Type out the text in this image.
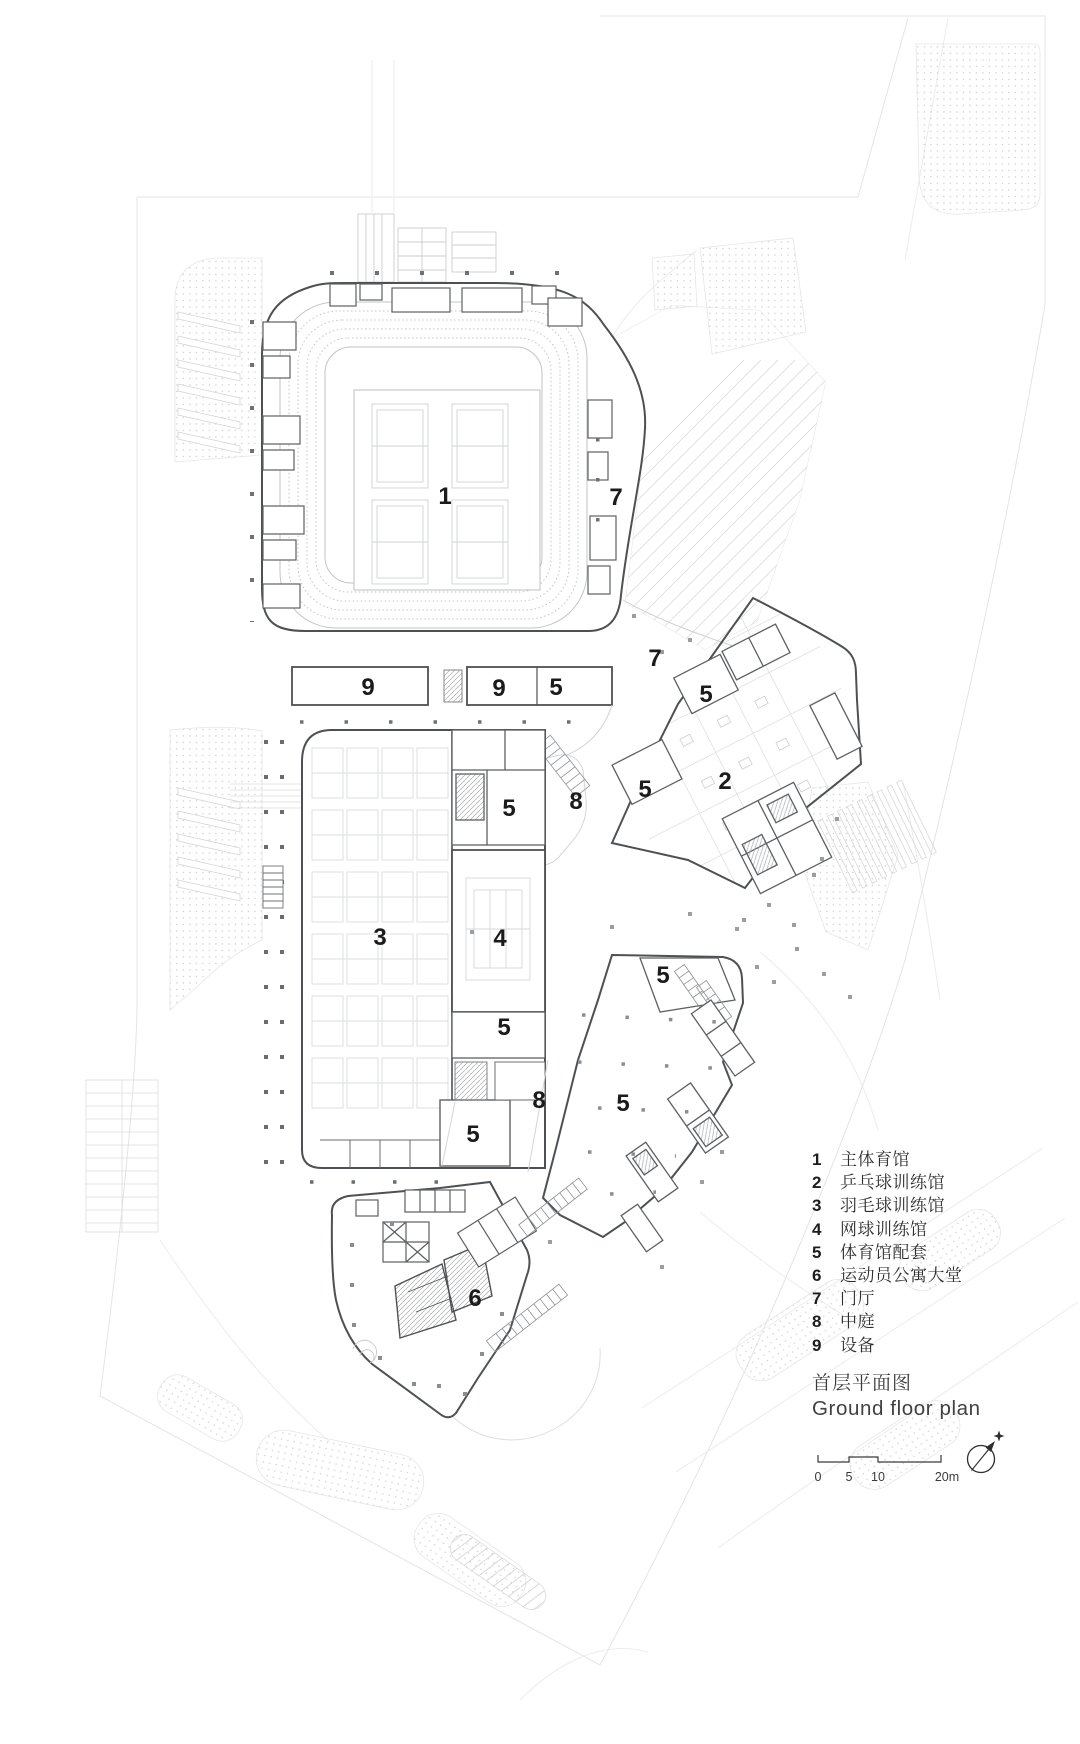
1	7
7
9	9 5	5
2
5
8
5
3	4
5
5
8	5
5
6
0 5 10	20m
1	主体育馆
2	乒乓球训练馆
3	羽毛球训练馆
4	网球训练馆
5	体育馆配套
6	运动员公寓大堂
7	门厅
8	中庭
9	设备
首层平面图
Ground floor plan
